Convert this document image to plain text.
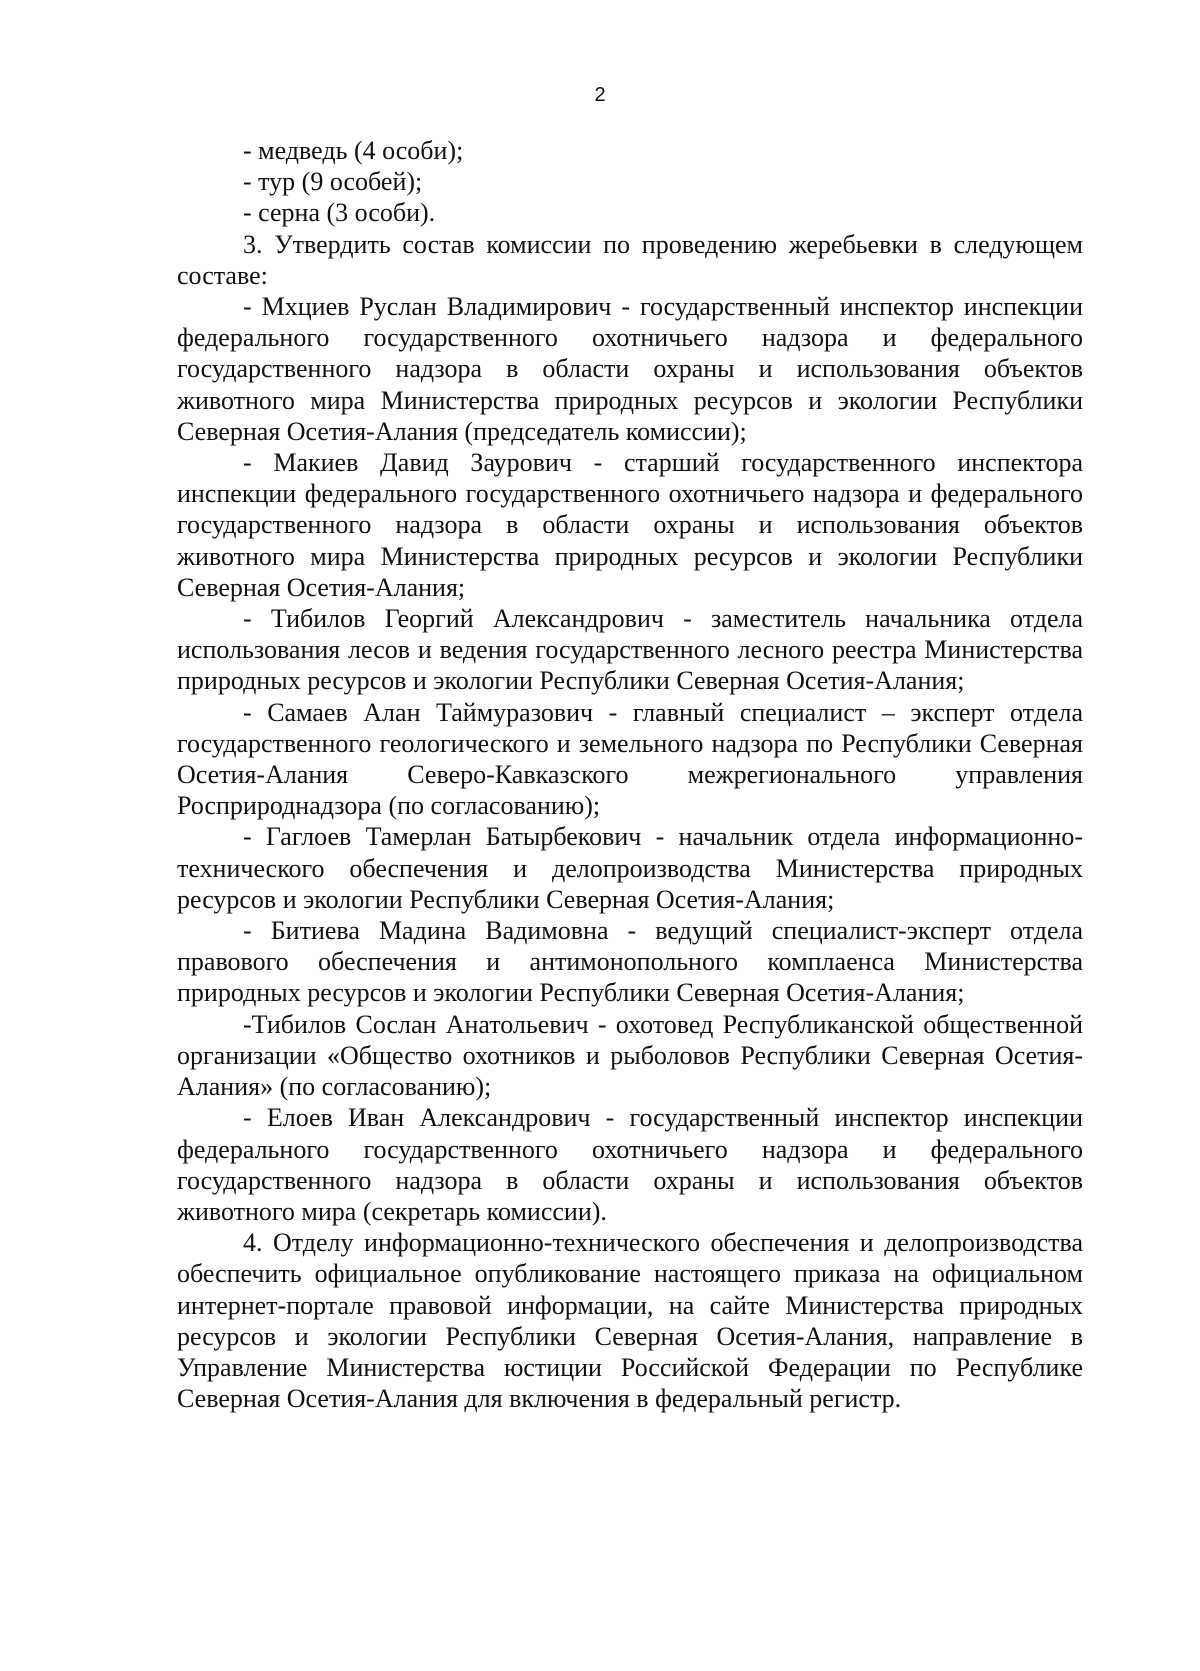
2

- медведь (4 особи);

- тур (9 особей);

- серна (3 особи).

3. Утвердить состав комиссии по проведению жеребьевки в следующем составе:

- Мхциев Руслан Владимирович - государственный инспектор инспекции федерального государственного охотничьего надзора и федерального государственного надзора в области охраны и использования объектов животного мира Министерства природных ресурсов и экологии Республики Северная Осетия-Алания (председатель комиссии);

- Макиев Давид Заурович - старший государственного инспектора инспекции федерального государственного охотничьего надзора и федерального государственного надзора в области охраны и использования объектов животного мира Министерства природных ресурсов и экологии Республики Северная Осетия-Алания;

- Тибилов Георгий Александрович - заместитель начальника отдела использования лесов и ведения государственного лесного реестра Министерства природных ресурсов и экологии Республики Северная Осетия-Алания;

- Самаев Алан Таймуразович - главный специалист – эксперт отдела государственного геологического и земельного надзора по Республики Северная Осетия-Алания Северо-Кавказского межрегионального управления Росприроднадзора (по согласованию);

- Гаглоев Тамерлан Батырбекович - начальник отдела информационно-технического обеспечения и делопроизводства Министерства природных ресурсов и экологии Республики Северная Осетия-Алания;

- Битиева Мадина Вадимовна - ведущий специалист-эксперт отдела правового обеспечения и антимонопольного комплаенса Министерства природных ресурсов и экологии Республики Северная Осетия-Алания;

-Тибилов Сослан Анатольевич - охотовед Республиканской общественной организации «Общество охотников и рыболовов Республики Северная Осетия-Алания» (по согласованию);

- Елоев Иван Александрович - государственный инспектор инспекции федерального государственного охотничьего надзора и федерального государственного надзора в области охраны и использования объектов животного мира (секретарь комиссии).

4. Отделу информационно-технического обеспечения и делопроизводства обеспечить официальное опубликование настоящего приказа на официальном интернет-портале правовой информации, на сайте Министерства природных ресурсов и экологии Республики Северная Осетия-Алания, направление в Управление Министерства юстиции Российской Федерации по Республике Северная Осетия-Алания для включения в федеральный регистр.
